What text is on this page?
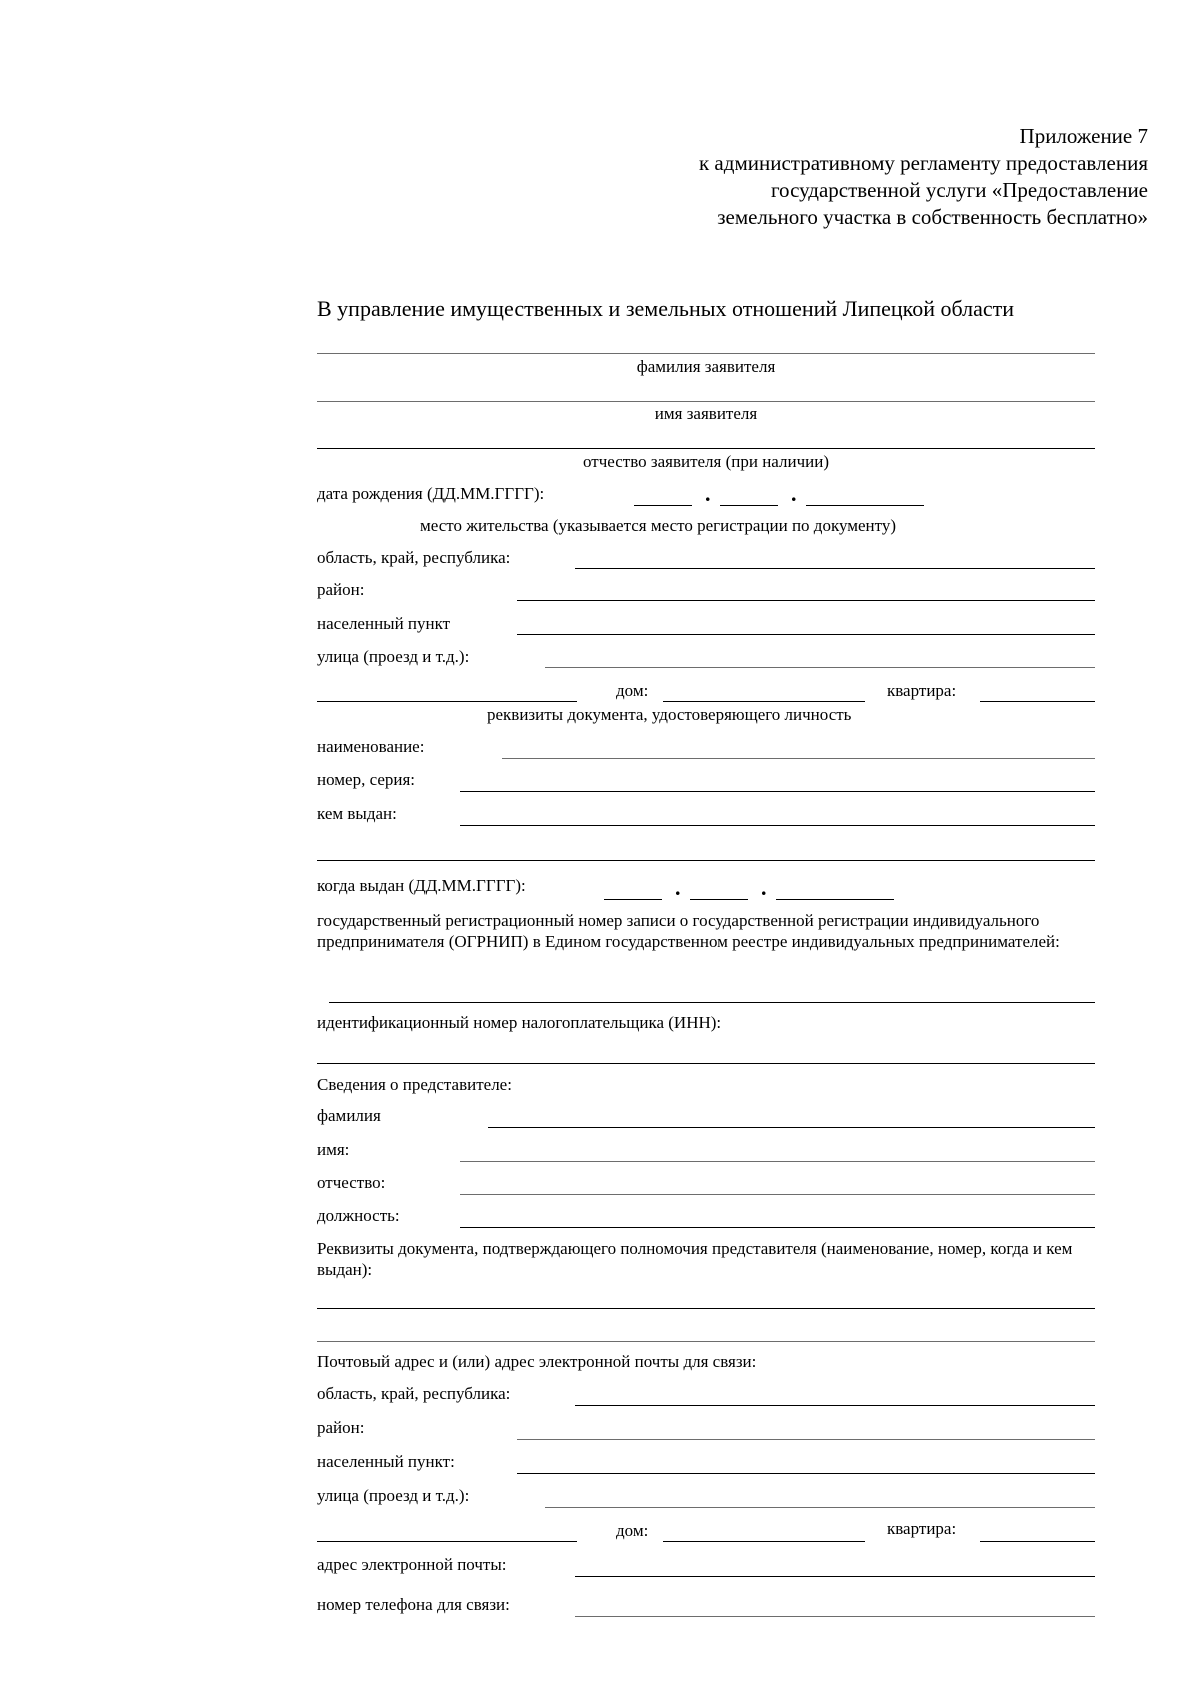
Приложение 7
к административному регламенту предоставления
государственной услуги «Предоставление
земельного участка в собственность бесплатно»
В управление имущественных и земельных отношений Липецкой области
фамилия заявителя
имя заявителя
отчество заявителя (при наличии)
дата рождения (ДД.ММ.ГГГГ):	.	.
место жительства (указывается место регистрации по документу)
область, край, республика:
район:
населенный пункт
улица (проезд и т.д.):
дом:	квартира:
реквизиты документа, удостоверяющего личность
наименование:
номер, серия:
кем выдан:
когда выдан (ДД.ММ.ГГГГ):	.	.
государственный регистрационный номер записи о государственной регистрации индивидуального предпринимателя (ОГРНИП) в Едином государственном реестре индивидуальных предпринимателей:
идентификационный номер налогоплательщика (ИНН):
Сведения о представителе:
фамилия
имя:
отчество:
должность:
Реквизиты документа, подтверждающего полномочия представителя (наименование, номер, когда и кем выдан):
Почтовый адрес и (или) адрес электронной почты для связи:
область, край, республика:
район:
населенный пункт:
улица (проезд и т.д.):
дом:	квартира:
адрес электронной почты:
номер телефона для связи:
